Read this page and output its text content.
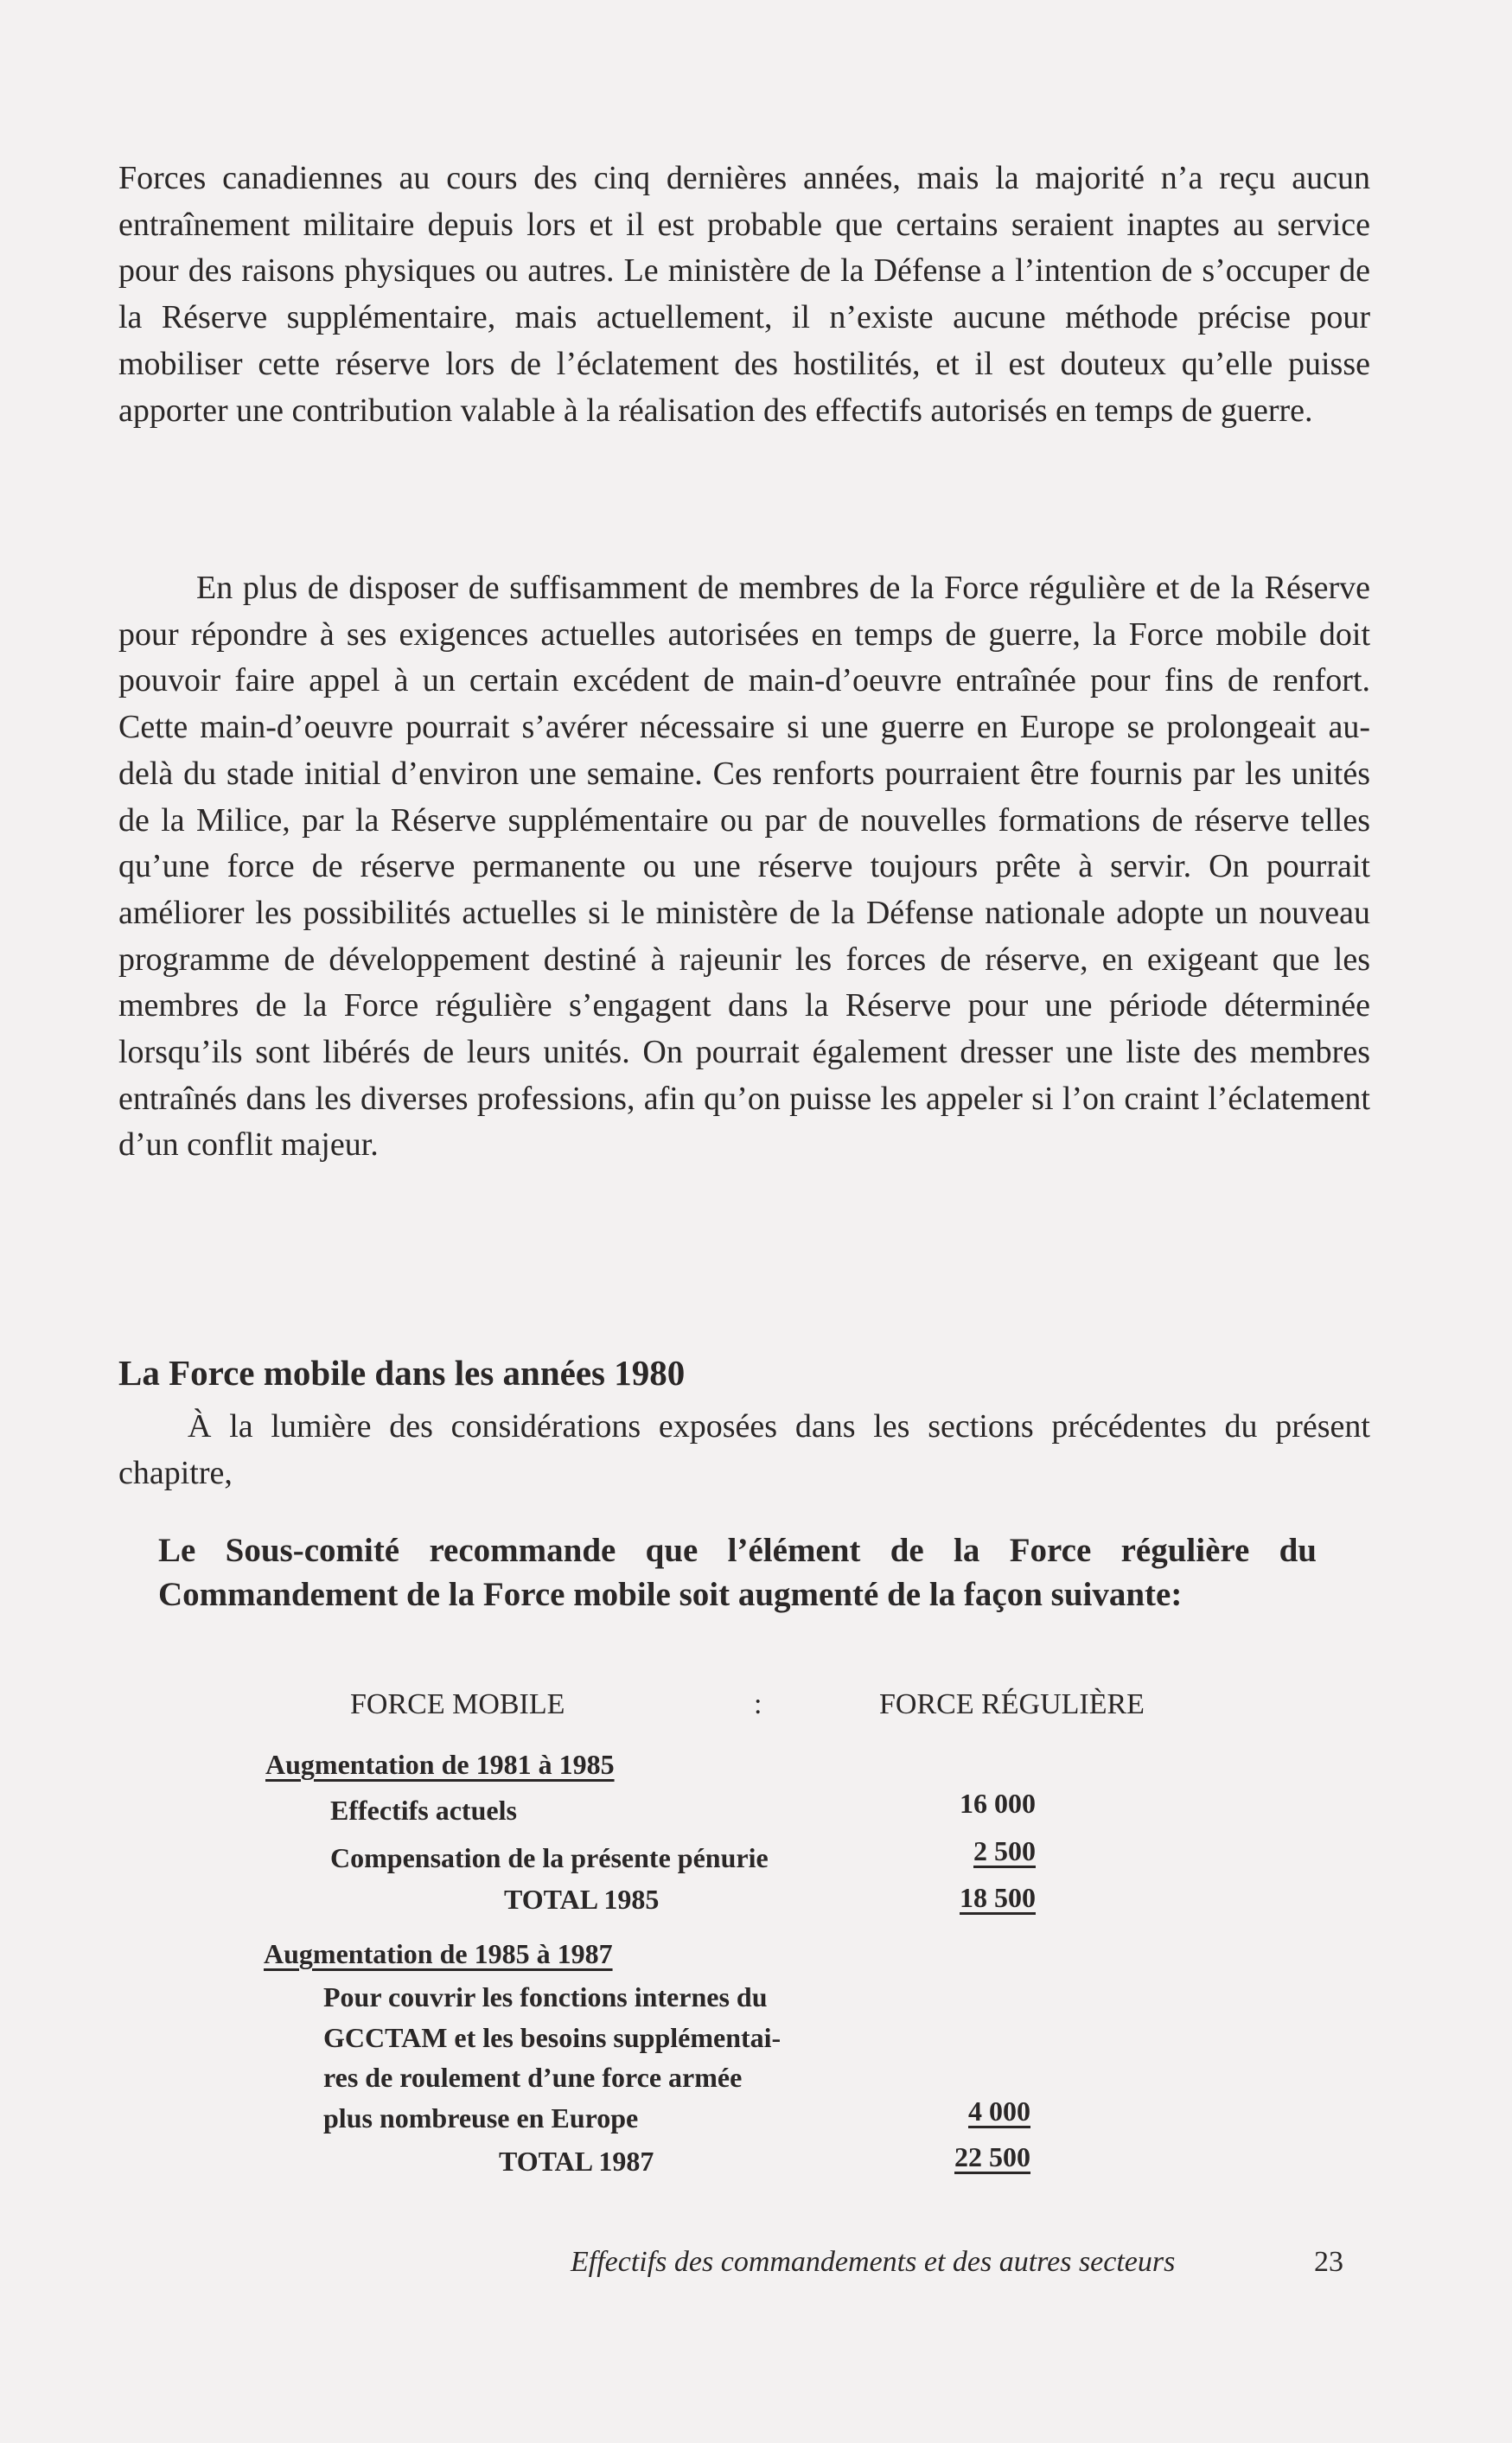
Forces canadiennes au cours des cinq dernières années, mais la majorité n’a reçu aucun entraînement militaire depuis lors et il est probable que certains seraient inaptes au service pour des raisons physiques ou autres. Le ministère de la Défense a l’intention de s’occuper de la Réserve supplémentaire, mais actuellement, il n’existe aucune méthode précise pour mobiliser cette réserve lors de l’éclatement des hostilités, et il est douteux qu’elle puisse apporter une contribution valable à la réalisation des effectifs autorisés en temps de guerre.

En plus de disposer de suffisamment de membres de la Force régulière et de la Réserve pour répondre à ses exigences actuelles autorisées en temps de guerre, la Force mobile doit pouvoir faire appel à un certain excédent de main-d’oeuvre entraînée pour fins de renfort. Cette main-d’oeuvre pourrait s’avérer nécessaire si une guerre en Europe se prolongeait au-delà du stade initial d’environ une semaine. Ces renforts pourraient être fournis par les unités de la Milice, par la Réserve supplémentaire ou par de nouvelles formations de réserve telles qu’une force de réserve permanente ou une réserve toujours prête à servir. On pourrait améliorer les possibilités actuelles si le ministère de la Défense nationale adopte un nouveau programme de développement destiné à rajeunir les forces de réserve, en exigeant que les membres de la Force régulière s’engagent dans la Réserve pour une période déterminée lorsqu’ils sont libérés de leurs unités. On pourrait également dresser une liste des membres entraînés dans les diverses professions, afin qu’on puisse les appeler si l’on craint l’éclatement d’un conflit majeur.

La Force mobile dans les années 1980

À la lumière des considérations exposées dans les sections précédentes du présent chapitre,

Le Sous-comité recommande que l’élément de la Force régulière du Commandement de la Force mobile soit augmenté de la façon suivante:

FORCE MOBILE	:	FORCE RÉGULIÈRE
Augmentation de 1981 à 1985
Effectifs actuels	16 000
Compensation de la présente pénurie	2 500
TOTAL 1985	18 500
Augmentation de 1985 à 1987
Pour couvrir les fonctions internes du
GCCTAM et les besoins supplémentai-
res de roulement d’une force armée
plus nombreuse en Europe	4 000
TOTAL 1987	22 500
Effectifs des commandements et des autres secteurs	23
